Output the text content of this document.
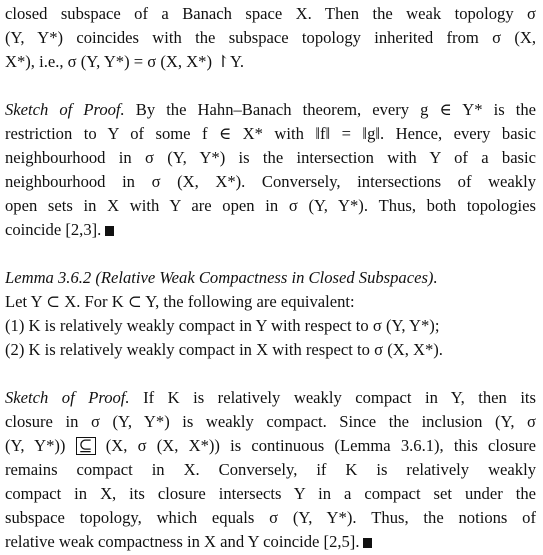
closed subspace of a Banach space X. Then the weak topology σ
(Y, Y*) coincides with the subspace topology inherited from σ (X,
X*), i.e., σ (Y, Y*) = σ (X, X*) ↾Y.
Sketch of Proof. By the Hahn–Banach theorem, every g ∈ Y* is the
restriction to Y of some f ∈ X* with ‖f‖ = ‖g‖. Hence, every basic
neighbourhood in σ (Y, Y*) is the intersection with Y of a basic
neighbourhood in σ (X, X*). Conversely, intersections of weakly
open sets in X with Y are open in σ (Y, Y*). Thus, both topologies
coincide [2,3].
Lemma 3.6.2 (Relative Weak Compactness in Closed Subspaces).
Let Y ⊂ X. For K ⊂ Y, the following are equivalent:
(1) K is relatively weakly compact in Y with respect to σ (Y, Y*);
(2) K is relatively weakly compact in X with respect to σ (X, X*).
Sketch of Proof. If K is relatively weakly compact in Y, then its
closure in σ (Y, Y*) is weakly compact. Since the inclusion (Y, σ
(Y, Y*)) ⊆ (X, σ (X, X*)) is continuous (Lemma 3.6.1), this closure
remains compact in X. Conversely, if K is relatively weakly
compact in X, its closure intersects Y in a compact set under the
subspace topology, which equals σ (Y, Y*). Thus, the notions of
relative weak compactness in X and Y coincide [2,5].
